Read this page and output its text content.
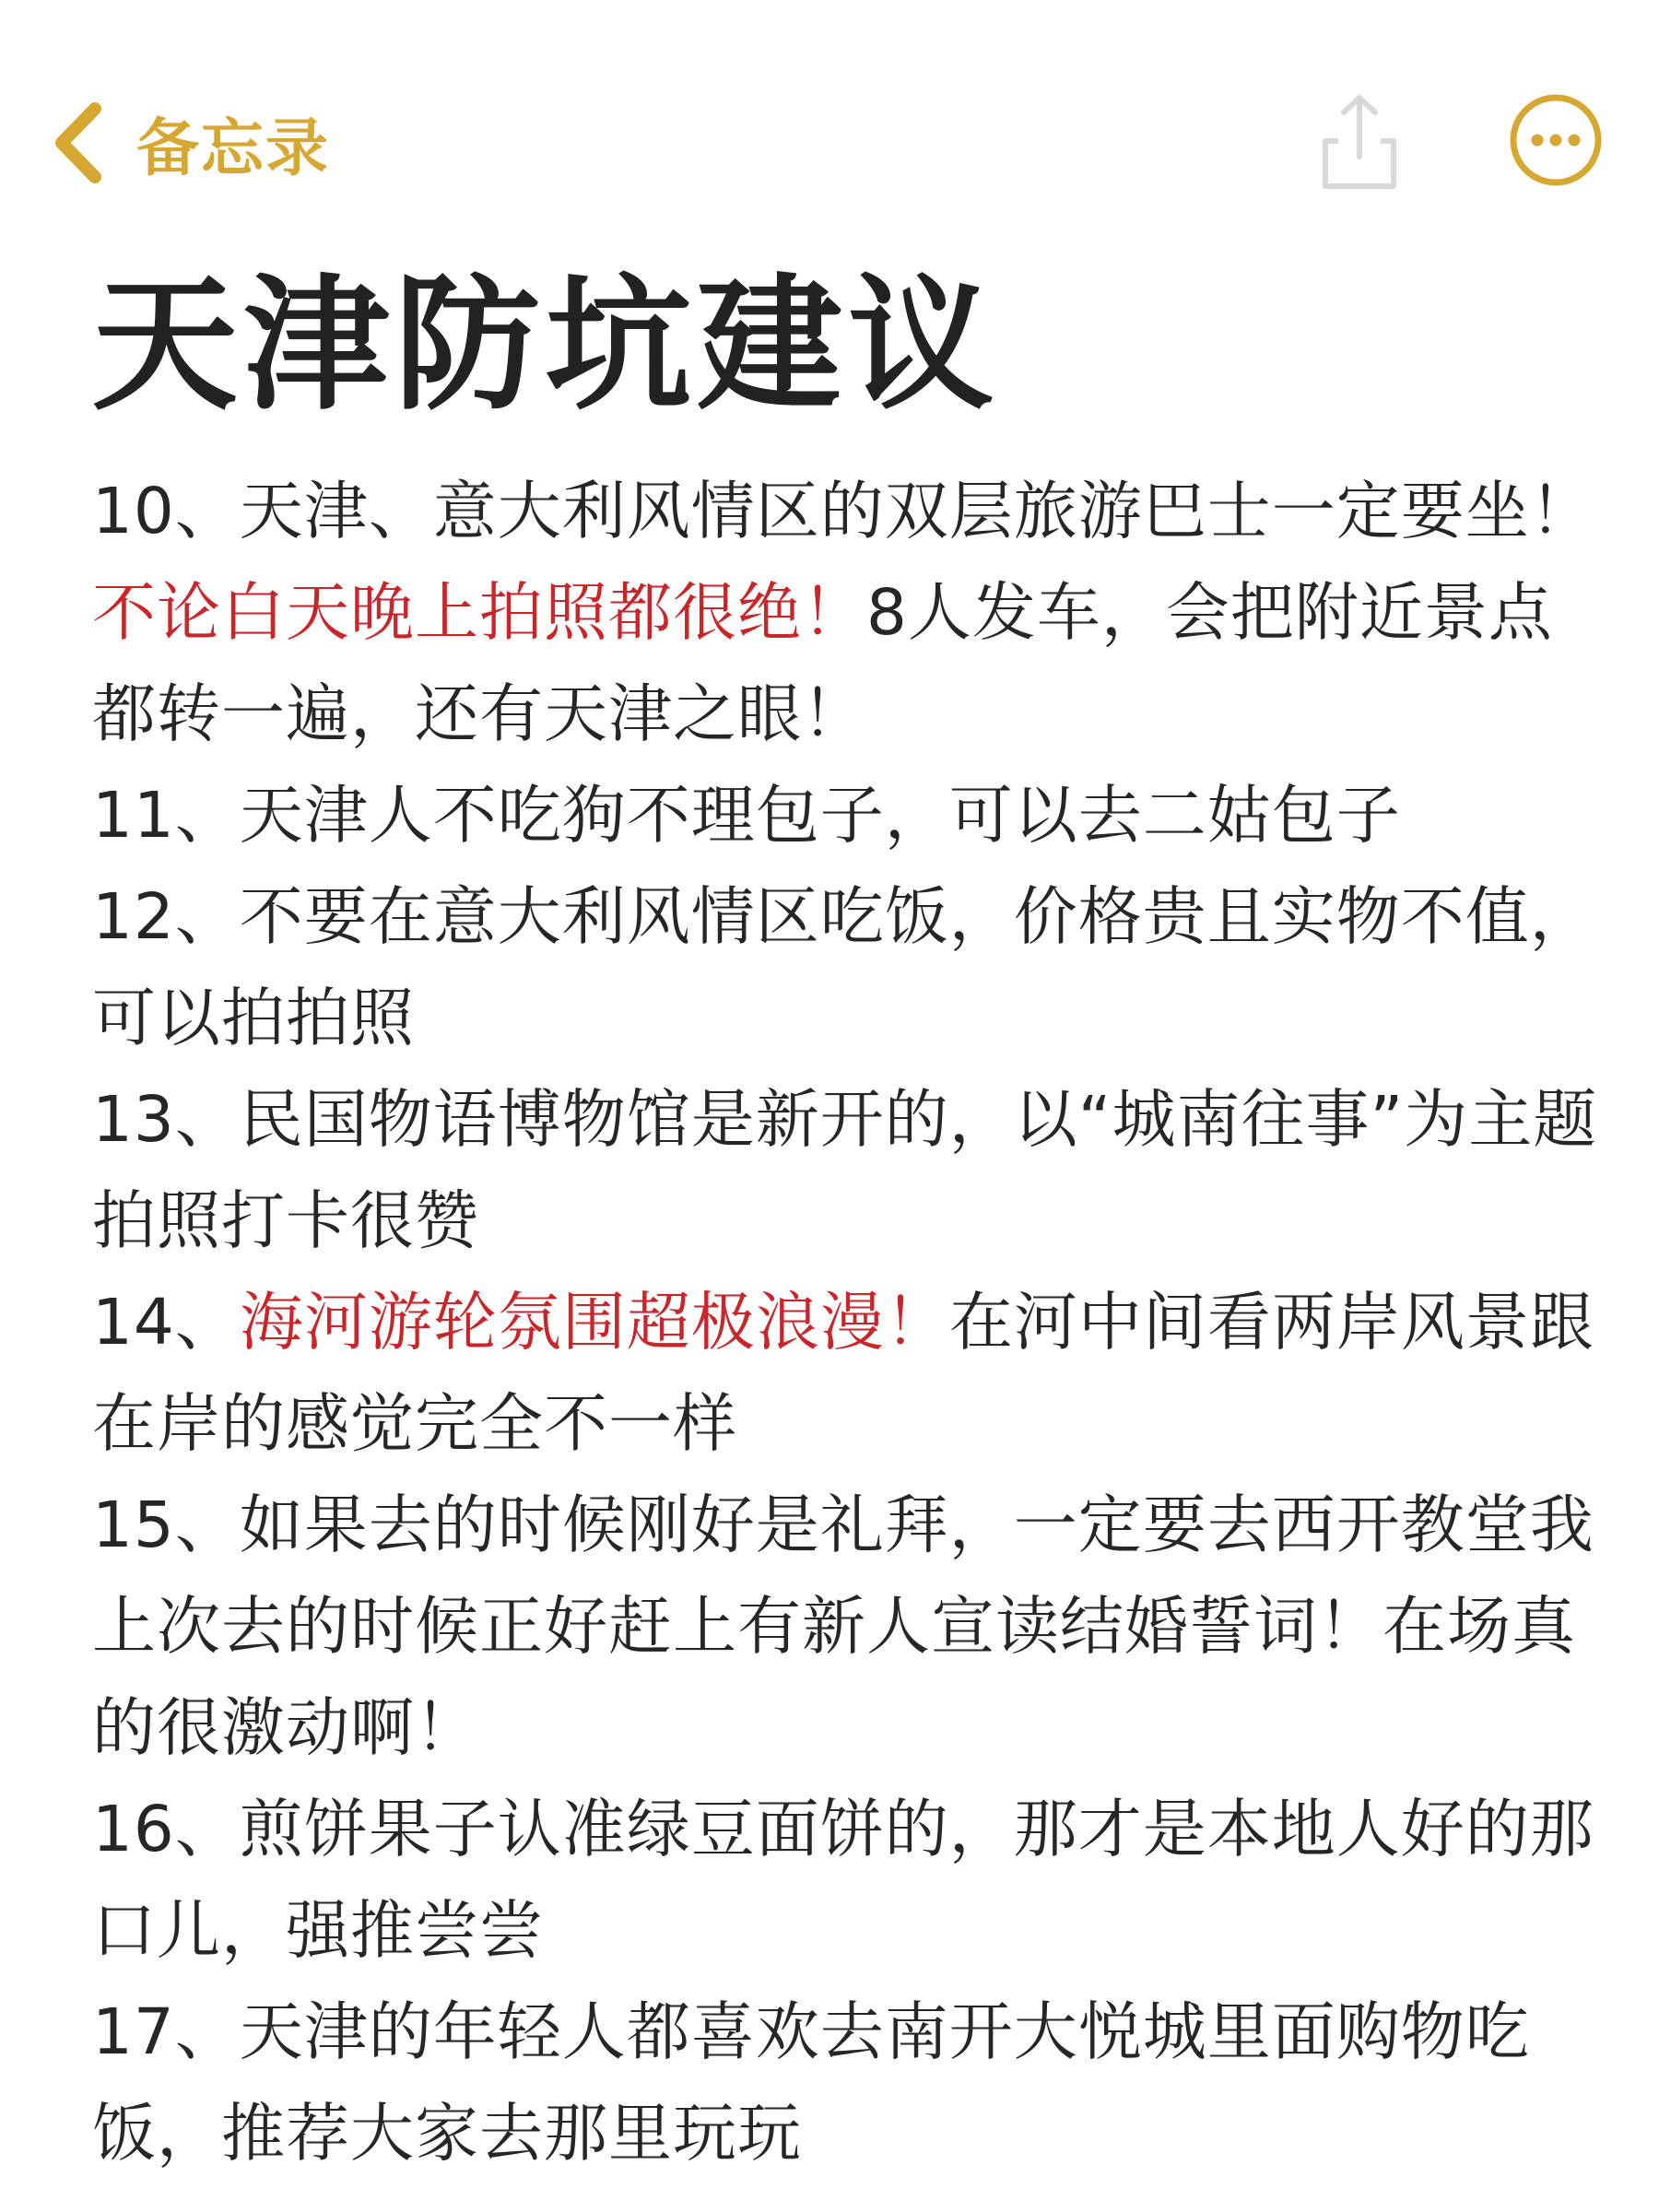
备忘录
天津防坑建议

10、天津、意大利风情区的双层旅游巴士一定要坐！不论白天晚上拍照都很绝！8人发车，会把附近景点都转一遍，还有天津之眼！

11、天津人不吃狗不理包子，可以去二姑包子

12、不要在意大利风情区吃饭，价格贵且实物不值，可以拍拍照

13、民国物语博物馆是新开的，以“城南往事”为主题拍照打卡很赞

14、海河游轮氛围超极浪漫！在河中间看两岸风景跟在岸的感觉完全不一样

15、如果去的时候刚好是礼拜，一定要去西开教堂我上次去的时候正好赶上有新人宣读结婚誓词！在场真的很激动啊！

16、煎饼果子认准绿豆面饼的，那才是本地人好的那口儿，强推尝尝

17、天津的年轻人都喜欢去南开大悦城里面购物吃饭，推荐大家去那里玩玩
